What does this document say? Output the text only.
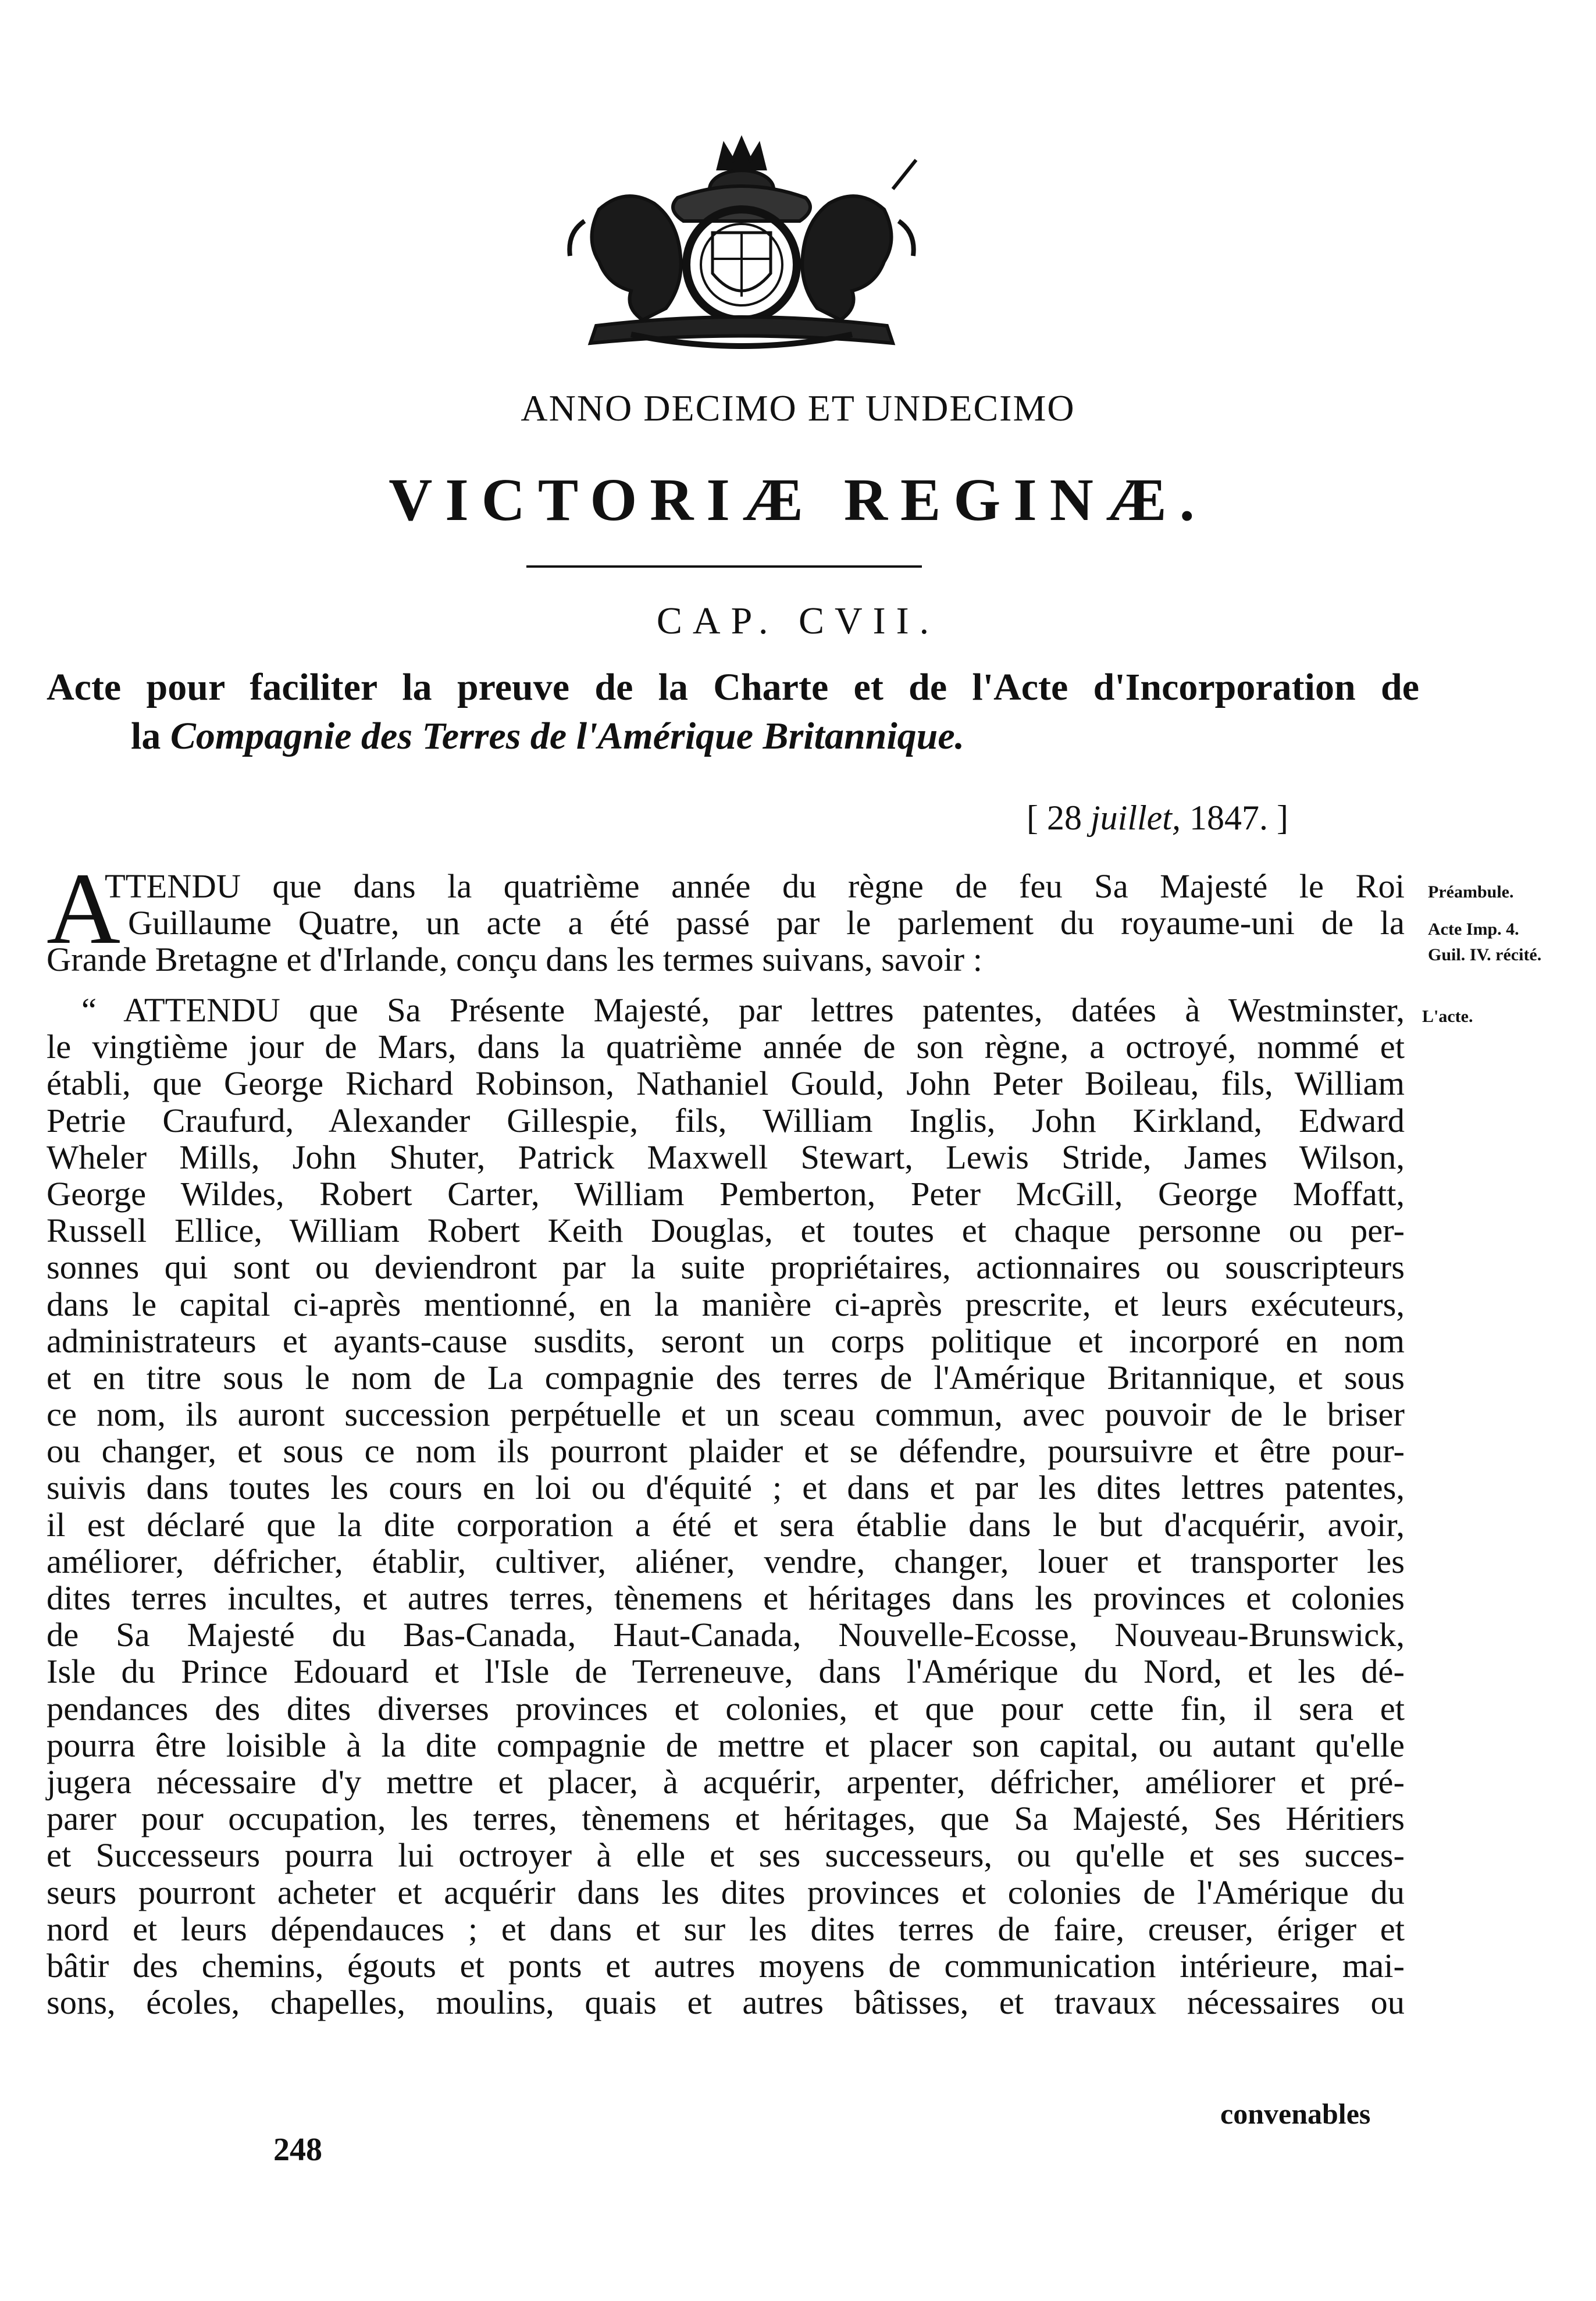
ANNO DECIMO ET UNDECIMO
VICTORIÆ REGINÆ.
CAP. CVII.
Acte pour faciliter la preuve de la Charte et de l'Acte d'Incorporation de
la Compagnie des Terres de l'Amérique Britannique.
[ 28 juillet, 1847. ]
A
TTENDU que dans la quatrième année du règne de feu Sa Majesté le Roi
Guillaume Quatre, un acte a été passé par le parlement du royaume-uni de la
Grande Bretagne et d'Irlande, conçu dans les termes suivans, savoir :
“ ATTENDU que Sa Présente Majesté, par lettres patentes, datées à Westminster,
le vingtième jour de Mars, dans la quatrième année de son règne, a octroyé, nommé et
établi, que George Richard Robinson, Nathaniel Gould, John Peter Boileau, fils, William
Petrie Craufurd, Alexander Gillespie, fils, William Inglis, John Kirkland, Edward
Wheler Mills, John Shuter, Patrick Maxwell Stewart, Lewis Stride, James Wilson,
George Wildes, Robert Carter, William Pemberton, Peter McGill, George Moffatt,
Russell Ellice, William Robert Keith Douglas, et toutes et chaque personne ou per-
sonnes qui sont ou deviendront par la suite propriétaires, actionnaires ou souscripteurs
dans le capital ci-après mentionné, en la manière ci-après prescrite, et leurs exécuteurs,
administrateurs et ayants-cause susdits, seront un corps politique et incorporé en nom
et en titre sous le nom de La compagnie des terres de l'Amérique Britannique, et sous
ce nom, ils auront succession perpétuelle et un sceau commun, avec pouvoir de le briser
ou changer, et sous ce nom ils pourront plaider et se défendre, poursuivre et être pour-
suivis dans toutes les cours en loi ou d'équité ; et dans et par les dites lettres patentes,
il est déclaré que la dite corporation a été et sera établie dans le but d'acquérir, avoir,
améliorer, défricher, établir, cultiver, aliéner, vendre, changer, louer et transporter les
dites terres incultes, et autres terres, tènemens et héritages dans les provinces et colonies
de Sa Majesté du Bas-Canada, Haut-Canada, Nouvelle-Ecosse, Nouveau-Brunswick,
Isle du Prince Edouard et l'Isle de Terreneuve, dans l'Amérique du Nord, et les dé-
pendances des dites diverses provinces et colonies, et que pour cette fin, il sera et
pourra être loisible à la dite compagnie de mettre et placer son capital, ou autant qu'elle
jugera nécessaire d'y mettre et placer, à acquérir, arpenter, défricher, améliorer et pré-
parer pour occupation, les terres, tènemens et héritages, que Sa Majesté, Ses Héritiers
et Successeurs pourra lui octroyer à elle et ses successeurs, ou qu'elle et ses succes-
seurs pourront acheter et acquérir dans les dites provinces et colonies de l'Amérique du
nord et leurs dépendauces ; et dans et sur les dites terres de faire, creuser, ériger et
bâtir des chemins, égouts et ponts et autres moyens de communication intérieure, mai-
sons, écoles, chapelles, moulins, quais et autres bâtisses, et travaux nécessaires ou
Préambule.
Acte Imp. 4.
Guil. IV. récité.
L'acte.
convenables
248
